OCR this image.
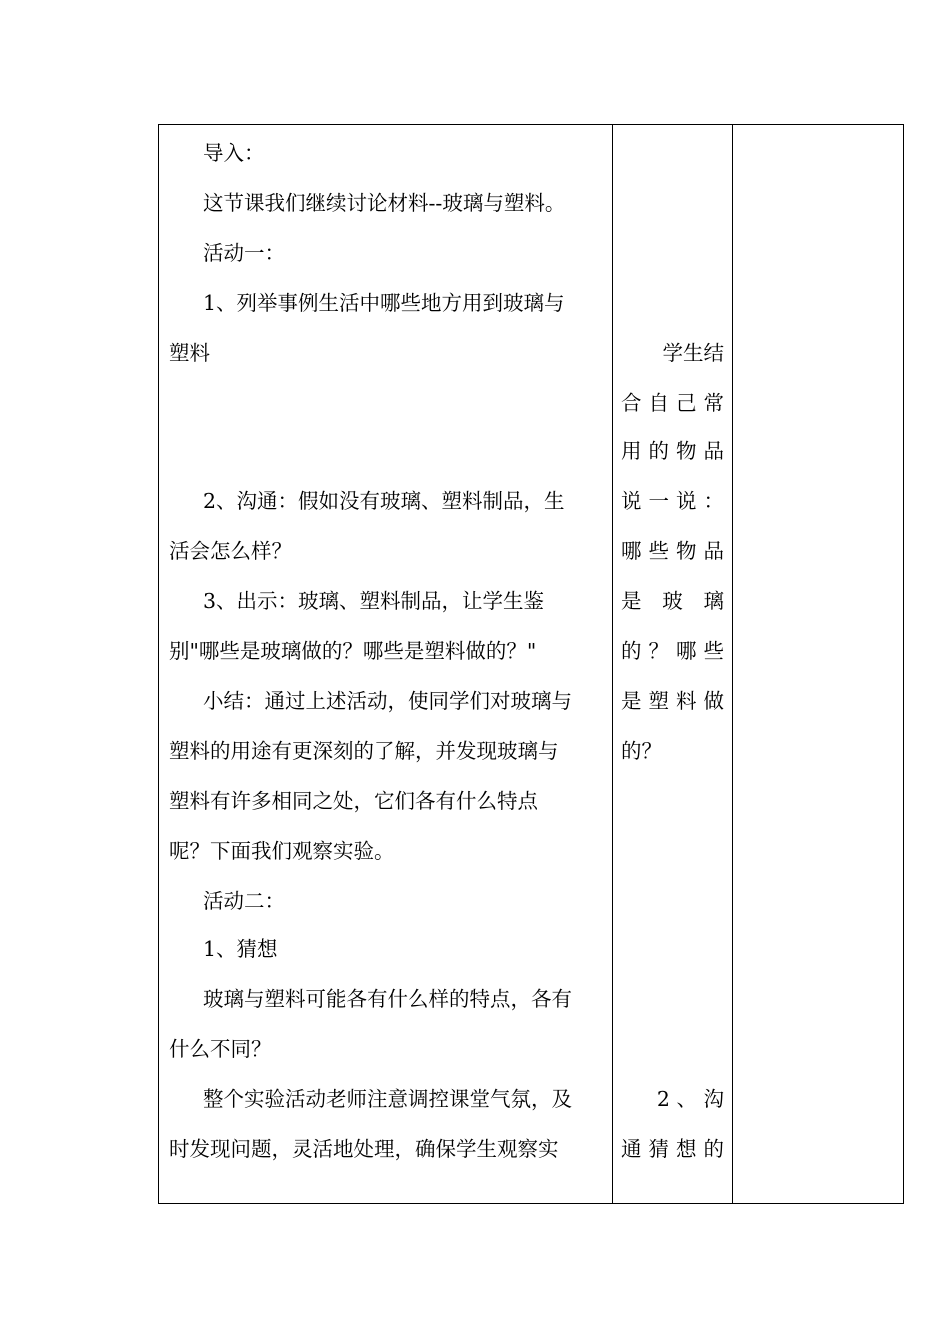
导入：
这节课我们继续讨论材料--玻璃与塑料。
活动一：
1、列举事例生活中哪些地方用到玻璃与
塑料
2、沟通：假如没有玻璃、塑料制品，生
活会怎么样？
3、出示：玻璃、塑料制品，让学生鉴
别"哪些是玻璃做的？哪些是塑料做的？"
小结：通过上述活动，使同学们对玻璃与
塑料的用途有更深刻的了解，并发现玻璃与
塑料有许多相同之处，它们各有什么特点
呢？下面我们观察实验。
活动二：
1、猜想
玻璃与塑料可能各有什么样的特点，各有
什么不同？
整个实验活动老师注意调控课堂气氛，及
时发现问题，灵活地处理，确保学生观察实
学生结
合自己常
用的物品
说一说：
哪些物品
是 玻 璃
的？哪些
是塑料做
的？
2 、 沟
通猜想的
